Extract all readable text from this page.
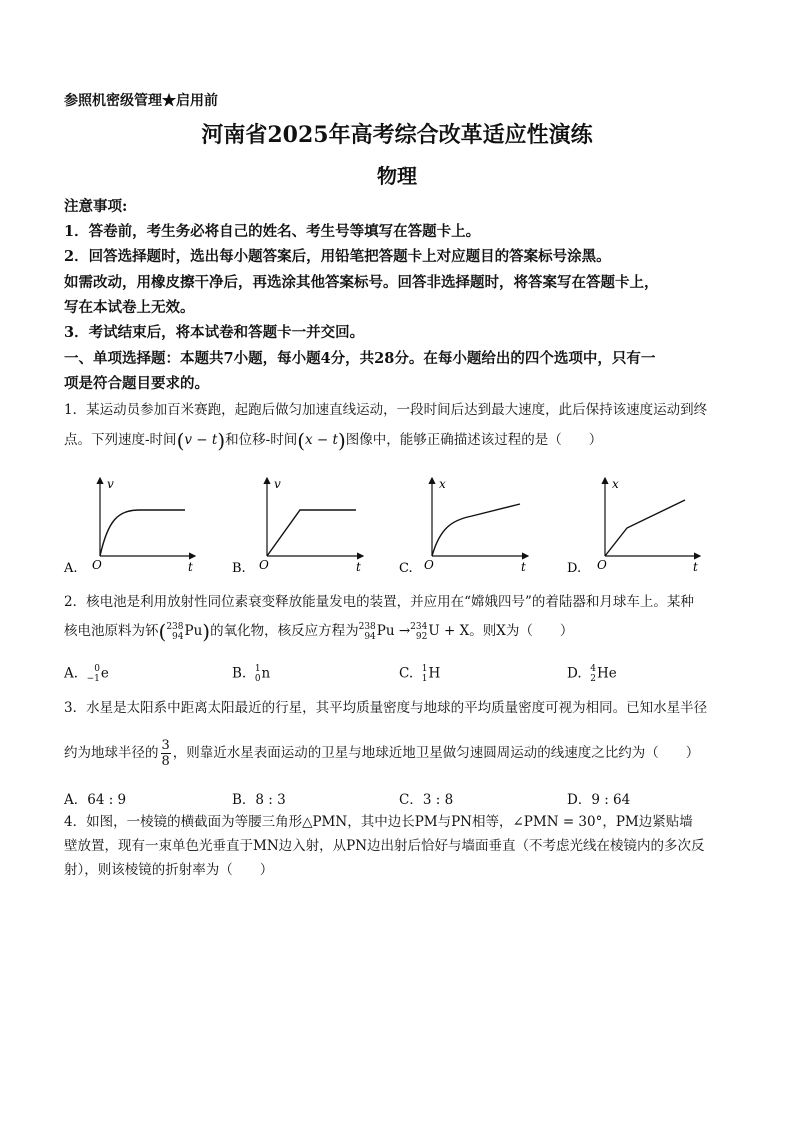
参照机密级管理★启用前
河南省2025年高考综合改革适应性演练
物理
注意事项:
1．答卷前，考生务必将自己的姓名、考生号等填写在答题卡上。
2．回答选择题时，选出每小题答案后，用铅笔把答题卡上对应题目的答案标号涂黑。
如需改动，用橡皮擦干净后，再选涂其他答案标号。回答非选择题时，将答案写在答题卡上，
写在本试卷上无效。
3．考试结束后，将本试卷和答题卡一并交回。
一、单项选择题：本题共7小题，每小题4分，共28分。在每小题给出的四个选项中，只有一
项是符合题目要求的。
1．某运动员参加百米赛跑，起跑后做匀加速直线运动，一段时间后达到最大速度，此后保持该速度运动到终
点。下列速度-时间(v − t)和位移-时间(x − t)图像中，能够正确描述该过程的是（　　）
v
O	t
A.
v
O	t
B.
x
O	t
C.
x
O	t
D.
2．核电池是利用放射性同位素衰变释放能量发电的装置，并应用在“嫦娥四号”的着陆器和月球车上。某种
核电池原料为钚( 238
94 Pu)的氧化物，核反应方程为 238
94 Pu → 234
92 U + X。则X为（　　）
A.	0
−1 e	B. 1
0 n	C. 1
1 H	D. 4
2 He
3．水星是太阳系中距离太阳最近的行星，其平均质量密度与地球的平均质量密度可视为相同。已知水星半径
约为地球半径的 $\frac{3}{8}$ ，则靠近水星表面运动的卫星与地球近地卫星做匀速圆周运动的线速度之比约为（　　）
A．64 : 9	B．8 : 3	C．3 : 8	D．9 : 64
4．如图，一棱镜的横截面为等腰三角形△PMN，其中边长PM与PN相等，∠PMN = 30°，PM边紧贴墙
壁放置，现有一束单色光垂直于MN边入射，从PN边出射后恰好与墙面垂直（不考虑光线在棱镜内的多次反
射），则该棱镜的折射率为（　　）
